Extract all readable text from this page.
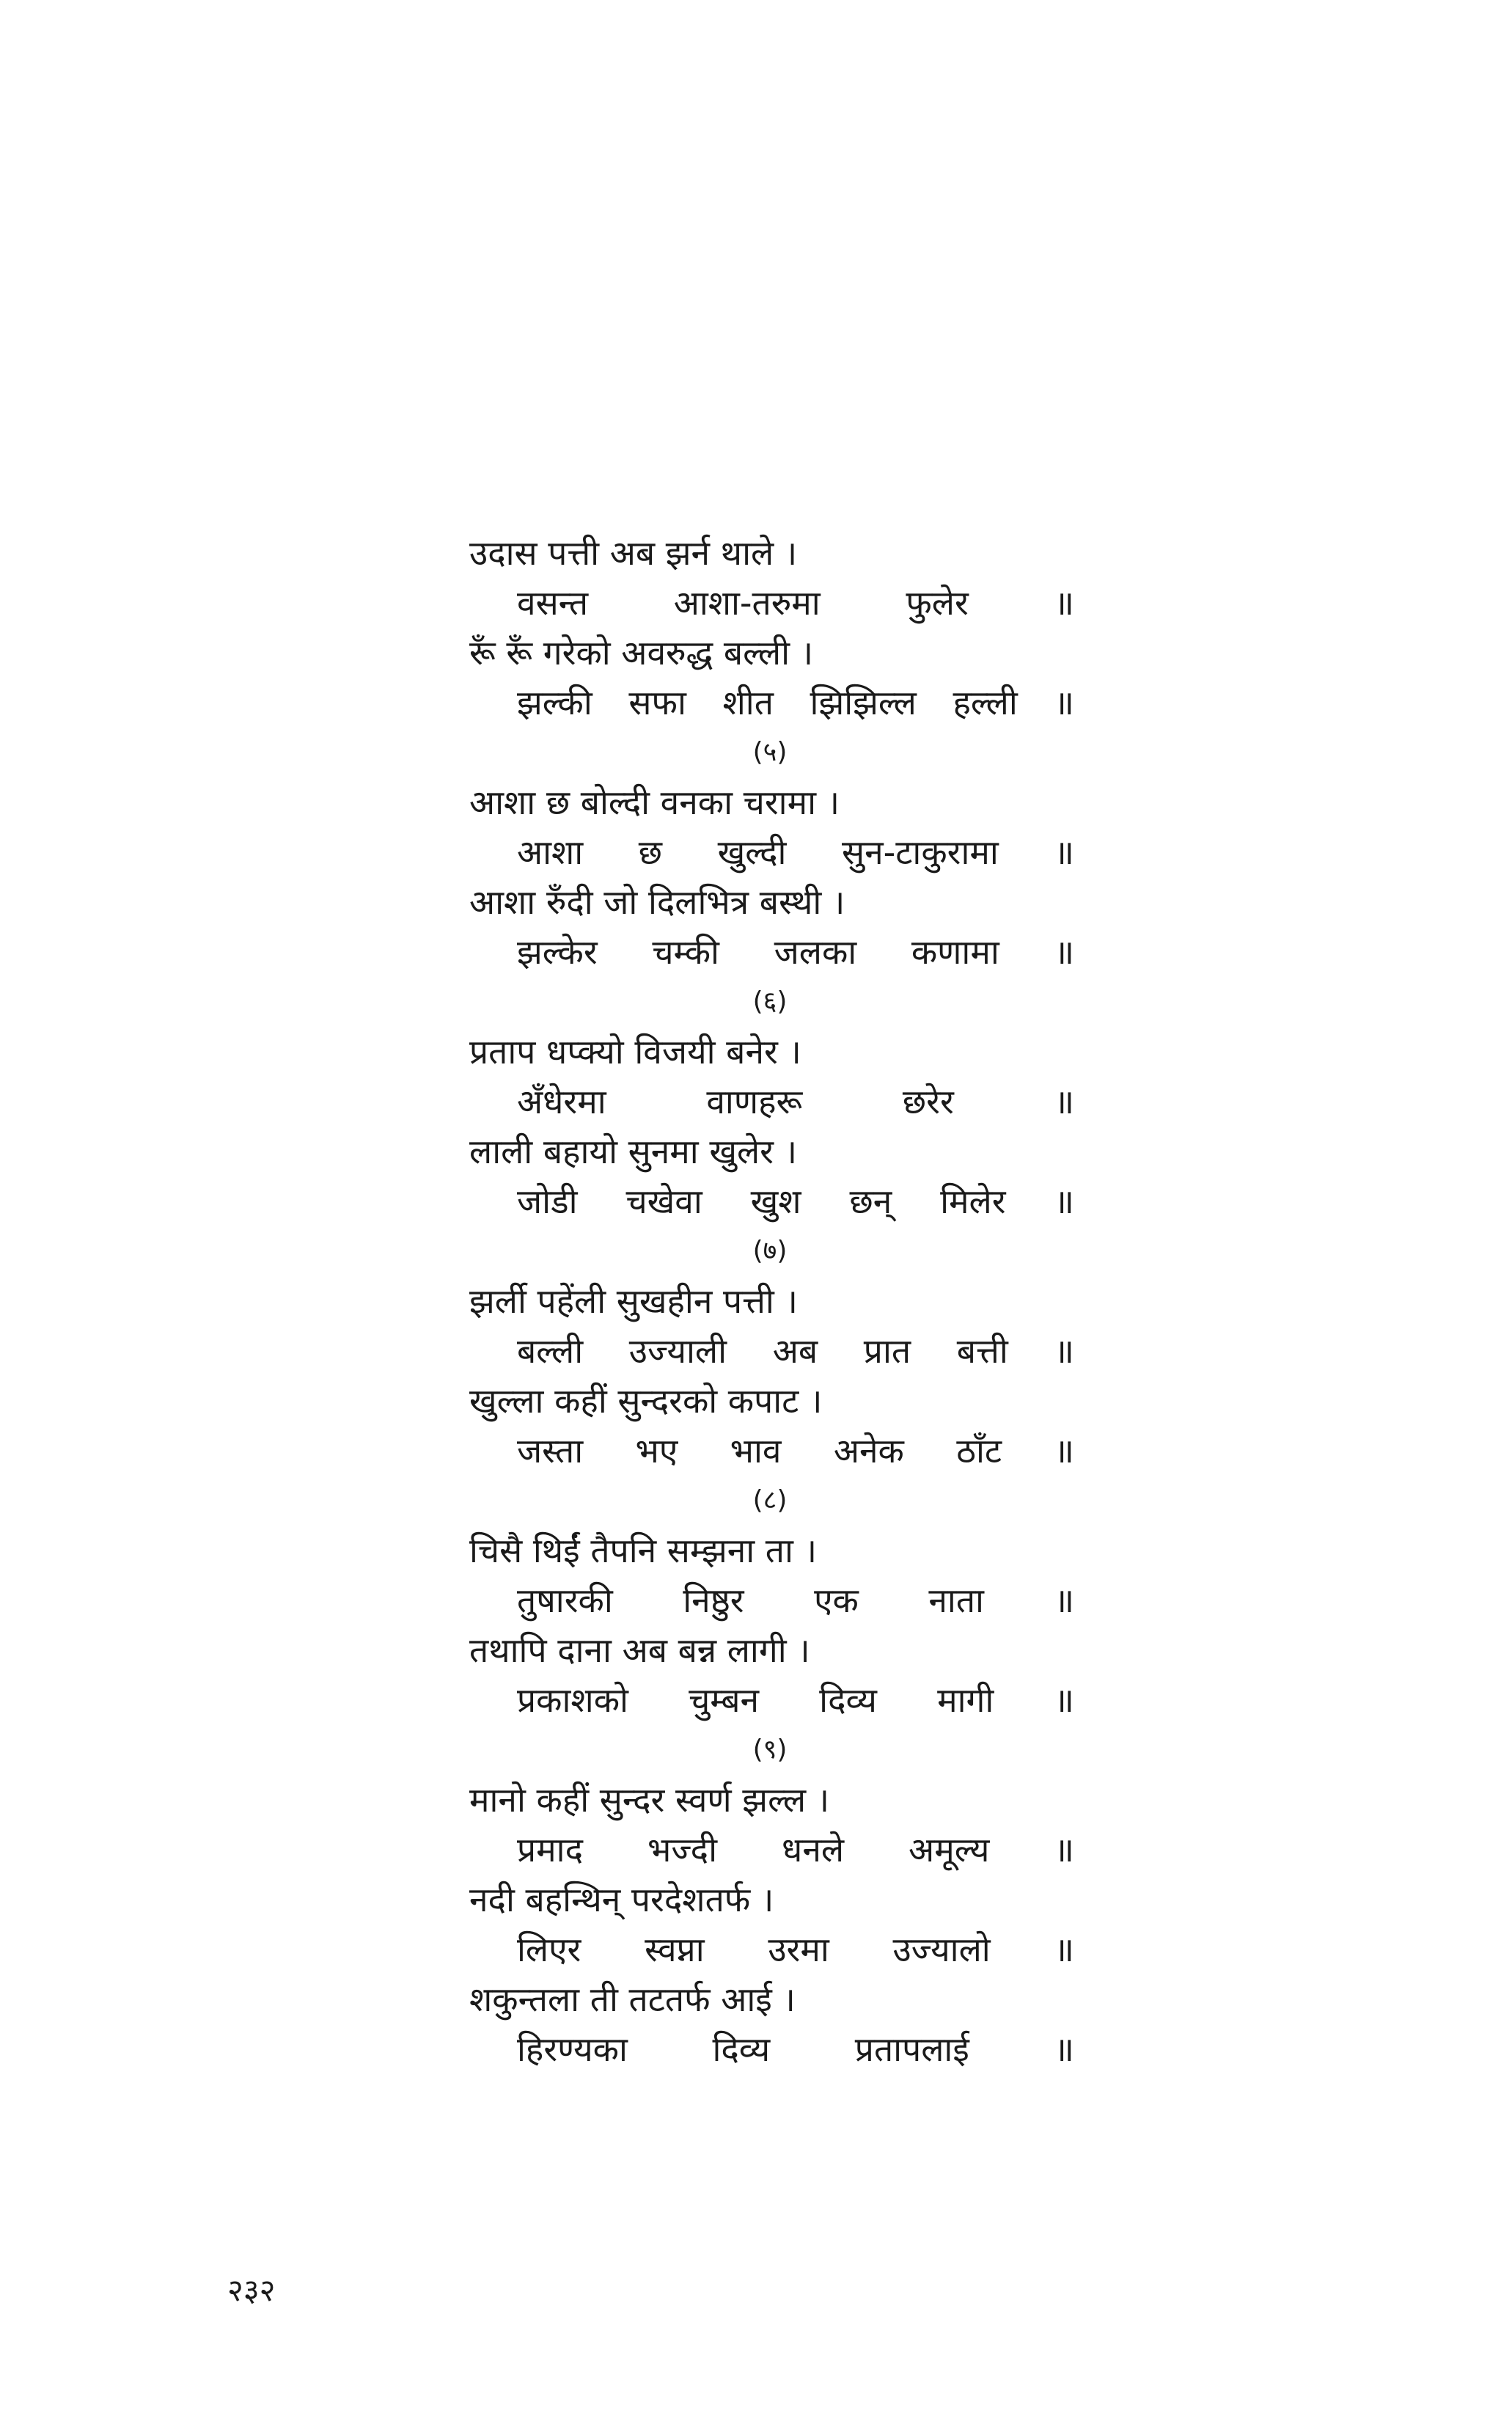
उदास पत्ती अब झर्न थाले ।
वसन्त	आशा-तरुमा	फुलेर	॥
रूँ रूँ गरेको अवरुद्ध बल्ली ।
झल्की सफा शीत झिझिल्ल हल्ली ॥
(५)
आशा छ बोल्दी वनका चरामा ।
आशा छ खुल्दी सुन-टाकुरामा ॥
आशा रुँदी जो दिलभित्र बस्थी ।
झल्केर चम्की जलका कणामा ॥
(६)
प्रताप धप्क्यो विजयी बनेर ।
अँधेरमा	वाणहरू	छरेर	॥
लाली बहायो सुनमा खुलेर ।
जोडी चखेवा खुश छन् मिलेर ॥
(७)
झर्ली पहेंली सुखहीन पत्ती ।
बल्ली उज्याली अब प्रात बत्ती ॥
खुल्ला कहीं सुन्दरको कपाट ।
जस्ता भए भाव अनेक ठाँट ॥
(८)
चिसै थिईं तैपनि सम्झना ता ।
तुषारकी निष्ठुर एक नाता ॥
तथापि दाना अब बन्न लागी ।
प्रकाशको चुम्बन दिव्य मागी ॥
(९)
मानो कहीं सुन्दर स्वर्ण झल्ल ।
प्रमाद भज्दी धनले अमूल्य ॥
नदी बहन्थिन् परदेशतर्फ ।
लिएर स्वप्ना उरमा उज्यालो ॥
शकुन्तला ती तटतर्फ आई ।
हिरण्यका	दिव्य	प्रतापलाई	॥
२३२
